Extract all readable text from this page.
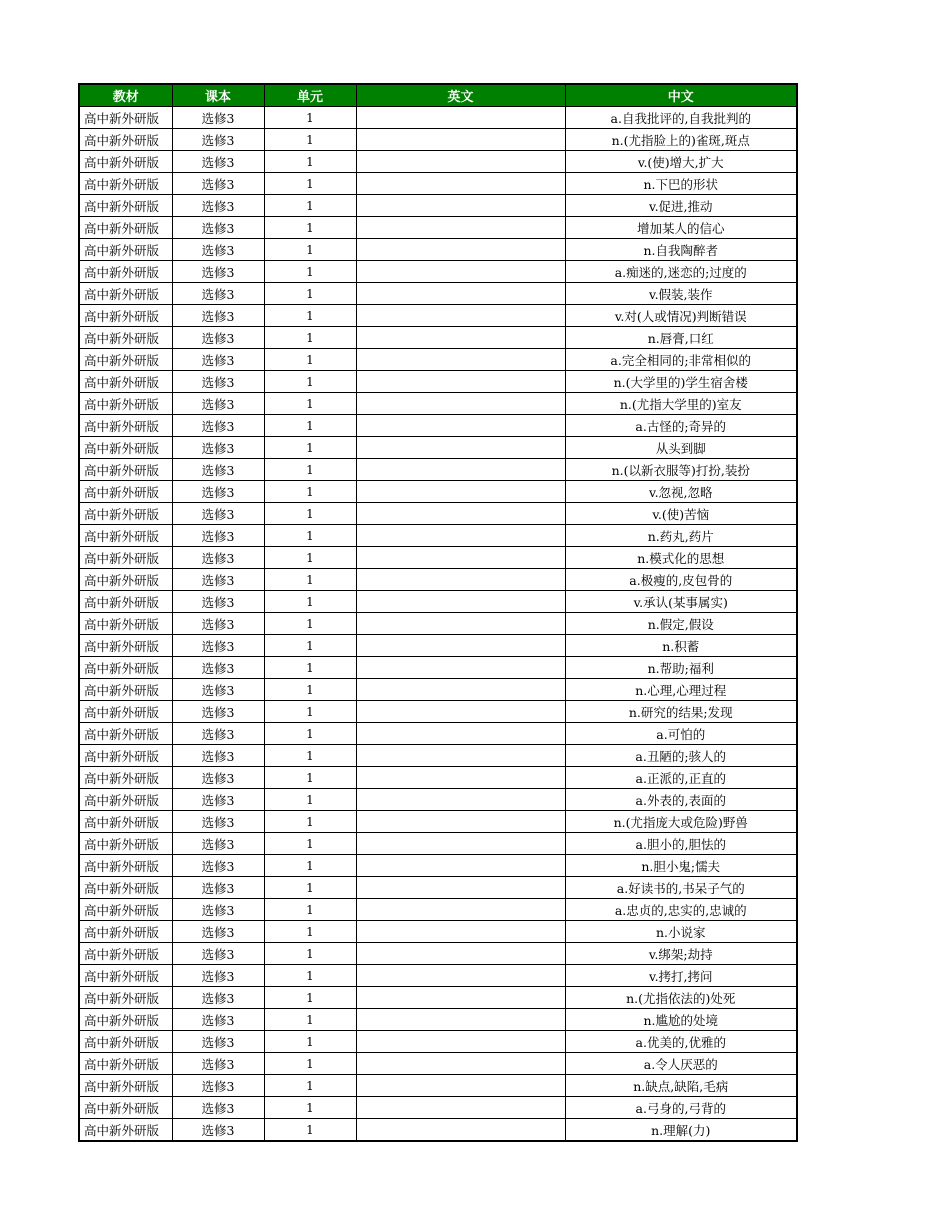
教材	课本	单元	英文	中文
高中新外研版	选修3	1		a.自我批评的,自我批判的
高中新外研版	选修3	1		n.(尤指脸上的)雀斑,斑点
高中新外研版	选修3	1		v.(使)增大,扩大
高中新外研版	选修3	1		n.下巴的形状
高中新外研版	选修3	1		v.促进,推动
高中新外研版	选修3	1		增加某人的信心
高中新外研版	选修3	1		n.自我陶醉者
高中新外研版	选修3	1		a.痴迷的,迷恋的;过度的
高中新外研版	选修3	1		v.假装,装作
高中新外研版	选修3	1		v.对(人或情况)判断错误
高中新外研版	选修3	1		n.唇膏,口红
高中新外研版	选修3	1		a.完全相同的;非常相似的
高中新外研版	选修3	1		n.(大学里的)学生宿舍楼
高中新外研版	选修3	1		n.(尤指大学里的)室友
高中新外研版	选修3	1		a.古怪的;奇异的
高中新外研版	选修3	1		从头到脚
高中新外研版	选修3	1		n.(以新衣服等)打扮,装扮
高中新外研版	选修3	1		v.忽视,忽略
高中新外研版	选修3	1		v.(使)苦恼
高中新外研版	选修3	1		n.药丸,药片
高中新外研版	选修3	1		n.模式化的思想
高中新外研版	选修3	1		a.极瘦的,皮包骨的
高中新外研版	选修3	1		v.承认(某事属实)
高中新外研版	选修3	1		n.假定,假设
高中新外研版	选修3	1		n.积蓄
高中新外研版	选修3	1		n.帮助;福利
高中新外研版	选修3	1		n.心理,心理过程
高中新外研版	选修3	1		n.研究的结果;发现
高中新外研版	选修3	1		a.可怕的
高中新外研版	选修3	1		a.丑陋的;骇人的
高中新外研版	选修3	1		a.正派的,正直的
高中新外研版	选修3	1		a.外表的,表面的
高中新外研版	选修3	1		n.(尤指庞大或危险)野兽
高中新外研版	选修3	1		a.胆小的,胆怯的
高中新外研版	选修3	1		n.胆小鬼;懦夫
高中新外研版	选修3	1		a.好读书的,书呆子气的
高中新外研版	选修3	1		a.忠贞的,忠实的,忠诚的
高中新外研版	选修3	1		n.小说家
高中新外研版	选修3	1		v.绑架;劫持
高中新外研版	选修3	1		v.拷打,拷问
高中新外研版	选修3	1		n.(尤指依法的)处死
高中新外研版	选修3	1		n.尴尬的处境
高中新外研版	选修3	1		a.优美的,优雅的
高中新外研版	选修3	1		a.令人厌恶的
高中新外研版	选修3	1		n.缺点,缺陷,毛病
高中新外研版	选修3	1		a.弓身的,弓背的
高中新外研版	选修3	1		n.理解(力)
